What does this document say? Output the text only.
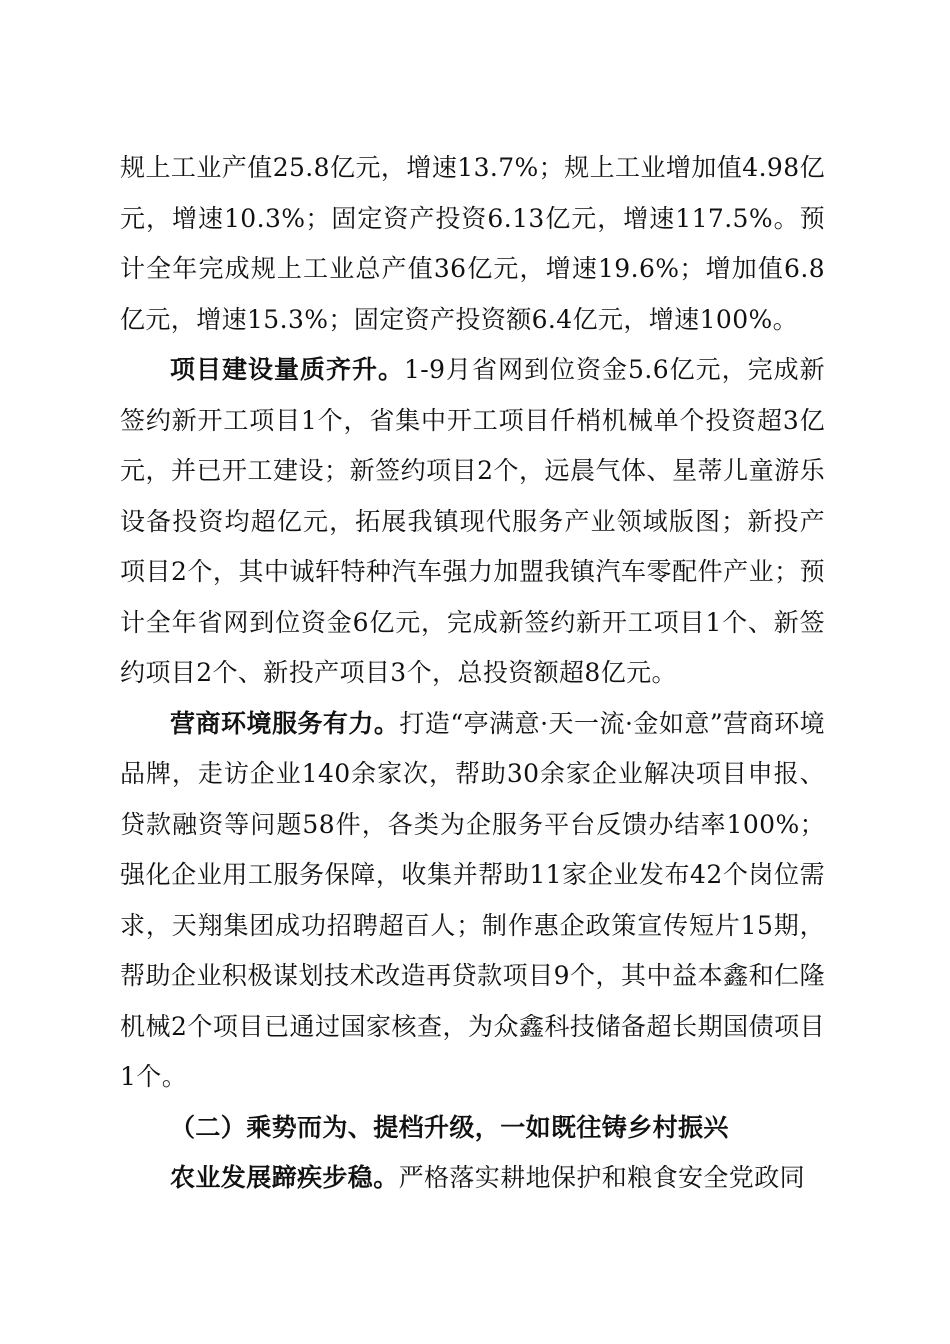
规上工业产值25.8亿元，增速13.7%；规上工业增加值4.98亿元，增速10.3%；固定资产投资6.13亿元，增速117.5%。预计全年完成规上工业总产值36亿元，增速19.6%；增加值6.8亿元，增速15.3%；固定资产投资额6.4亿元，增速100%。

项目建设量质齐升。1-9月省网到位资金5.6亿元，完成新签约新开工项目1个，省集中开工项目仟梢机械单个投资超3亿元，并已开工建设；新签约项目2个，远晨气体、星蒂儿童游乐设备投资均超亿元，拓展我镇现代服务产业领域版图；新投产项目2个，其中诚轩特种汽车强力加盟我镇汽车零配件产业；预计全年省网到位资金6亿元，完成新签约新开工项目1个、新签约项目2个、新投产项目3个，总投资额超8亿元。

营商环境服务有力。打造“亭满意·天一流·金如意”营商环境品牌，走访企业140余家次，帮助30余家企业解决项目申报、贷款融资等问题58件，各类为企服务平台反馈办结率100%；强化企业用工服务保障，收集并帮助11家企业发布42个岗位需求，天翔集团成功招聘超百人；制作惠企政策宣传短片15期，帮助企业积极谋划技术改造再贷款项目9个，其中益本鑫和仁隆机械2个项目已通过国家核查，为众鑫科技储备超长期国债项目1个。

（二）乘势而为、提档升级，一如既往铸乡村振兴

农业发展蹄疾步稳。严格落实耕地保护和粮食安全党政同
